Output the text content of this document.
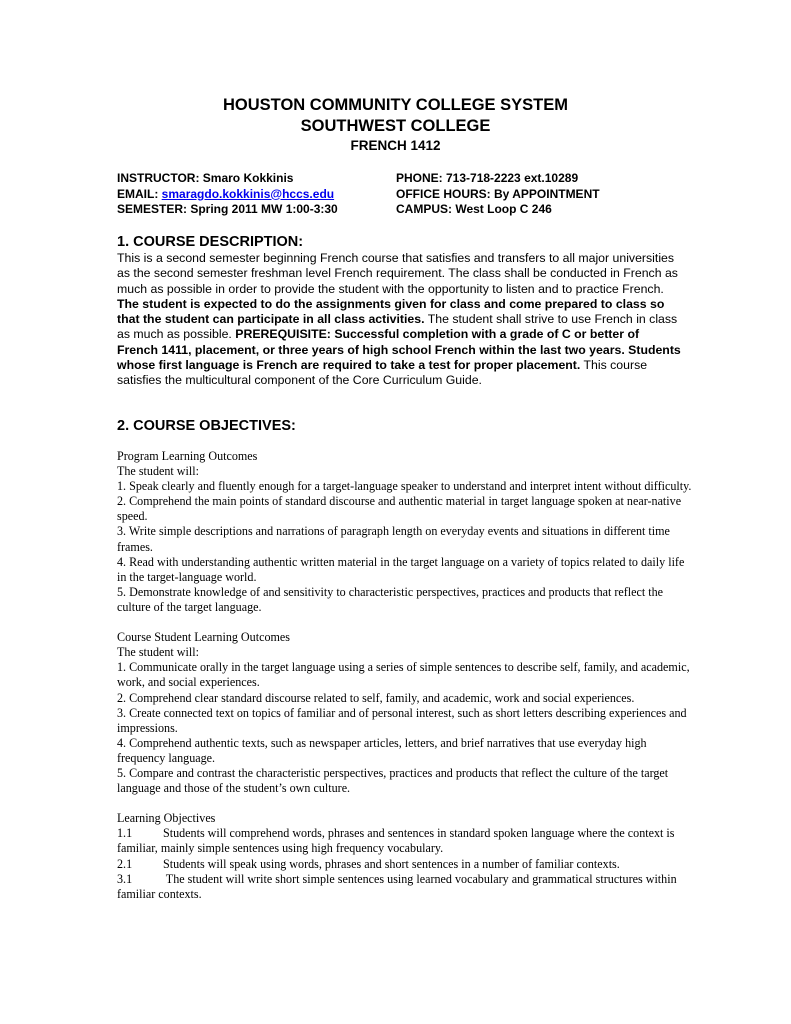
HOUSTON COMMUNITY COLLEGE SYSTEM
SOUTHWEST COLLEGE
FRENCH 1412
INSTRUCTOR: Smaro Kokkinis	PHONE: 713-718-2223 ext.10289
EMAIL: smaragdo.kokkinis@hccs.edu	OFFICE HOURS: By APPOINTMENT
SEMESTER: Spring 2011 MW 1:00-3:30	CAMPUS: West Loop C 246
1. COURSE DESCRIPTION:
This is a second semester beginning French course that satisfies and transfers to all major universities as the second semester freshman level French requirement. The class shall be conducted in French as much as possible in order to provide the student with the opportunity to listen and to practice French. The student is expected to do the assignments given for class and come prepared to class so that the student can participate in all class activities. The student shall strive to use French in class as much as possible. PREREQUISITE: Successful completion with a grade of C or better of French 1411, placement, or three years of high school French within the last two years. Students whose first language is French are required to take a test for proper placement. This course satisfies the multicultural component of the Core Curriculum Guide.
2. COURSE OBJECTIVES:

Program Learning Outcomes

The student will:

1. Speak clearly and fluently enough for a target-language speaker to understand and interpret intent without difficulty.

2. Comprehend the main points of standard discourse and authentic material in target language spoken at near-native speed.

3. Write simple descriptions and narrations of paragraph length on everyday events and situations in different time frames.

4. Read with understanding authentic written material in the target language on a variety of topics related to daily life in the target-language world.

5. Demonstrate knowledge of and sensitivity to characteristic perspectives, practices and products that reflect the culture of the target language.

Course Student Learning Outcomes

The student will:

1. Communicate orally in the target language using a series of simple sentences to describe self, family, and academic, work, and social experiences.

2. Comprehend clear standard discourse related to self, family, and academic, work and social experiences.

3. Create connected text on topics of familiar and of personal interest, such as short letters describing experiences and impressions.

4. Comprehend authentic texts, such as newspaper articles, letters, and brief narratives that use everyday high frequency language.

5. Compare and contrast the characteristic perspectives, practices and products that reflect the culture of the target language and those of the student’s own culture.

Learning Objectives

1.1	Students will comprehend words, phrases and sentences in standard spoken language where the context is familiar, mainly simple sentences using high frequency vocabulary.

2.1	Students will speak using words, phrases and short sentences in a number of familiar contexts.

3.1	The student will write short simple sentences using learned vocabulary and grammatical structures within familiar contexts.
